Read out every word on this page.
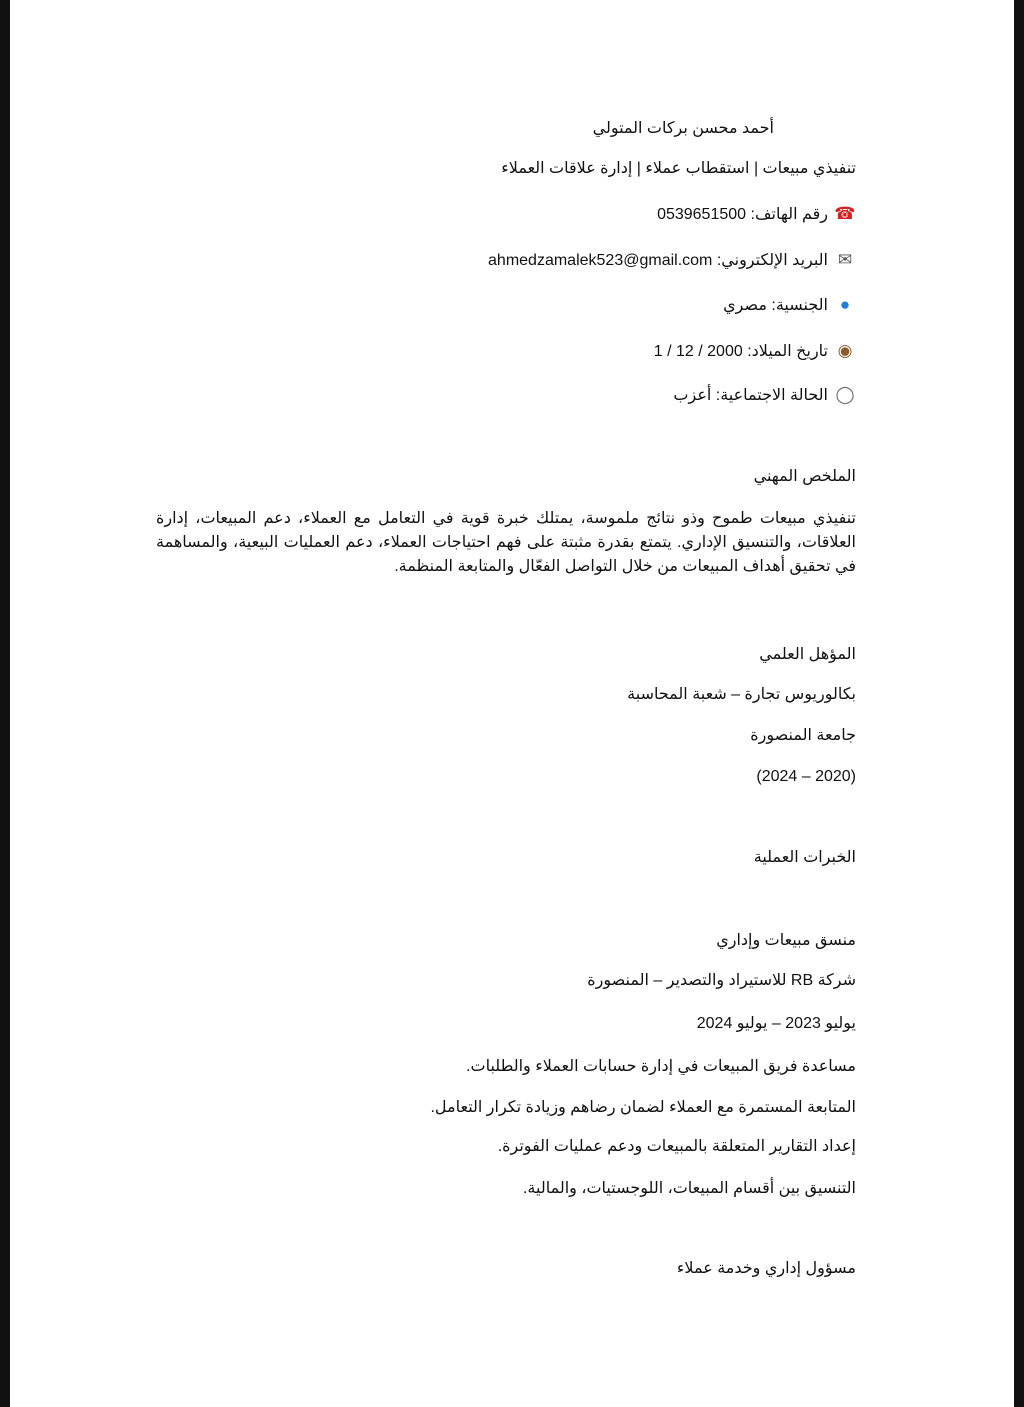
أحمد محسن بركات المتولي
تنفيذي مبيعات | استقطاب عملاء | إدارة علاقات العملاء
☎رقم الهاتف: 0539651500
✉البريد الإلكتروني: ahmedzamalek523@gmail.com
●الجنسية: مصري
◉تاريخ الميلاد: 1 / 12 / 2000
◯الحالة الاجتماعية: أعزب
الملخص المهني
تنفيذي مبيعات طموح وذو نتائج ملموسة، يمتلك خبرة قوية في التعامل مع العملاء، دعم المبيعات، إدارة العلاقات، والتنسيق الإداري. يتمتع بقدرة مثبتة على فهم احتياجات العملاء، دعم العمليات البيعية، والمساهمة في تحقيق أهداف المبيعات من خلال التواصل الفعّال والمتابعة المنظمة.
المؤهل العلمي
بكالوريوس تجارة – شعبة المحاسبة
جامعة المنصورة
(2020 – 2024)
الخبرات العملية
منسق مبيعات وإداري
شركة RB للاستيراد والتصدير – المنصورة
يوليو 2023 – يوليو 2024
مساعدة فريق المبيعات في إدارة حسابات العملاء والطلبات.
المتابعة المستمرة مع العملاء لضمان رضاهم وزيادة تكرار التعامل.
إعداد التقارير المتعلقة بالمبيعات ودعم عمليات الفوترة.
التنسيق بين أقسام المبيعات، اللوجستيات، والمالية.
مسؤول إداري وخدمة عملاء
